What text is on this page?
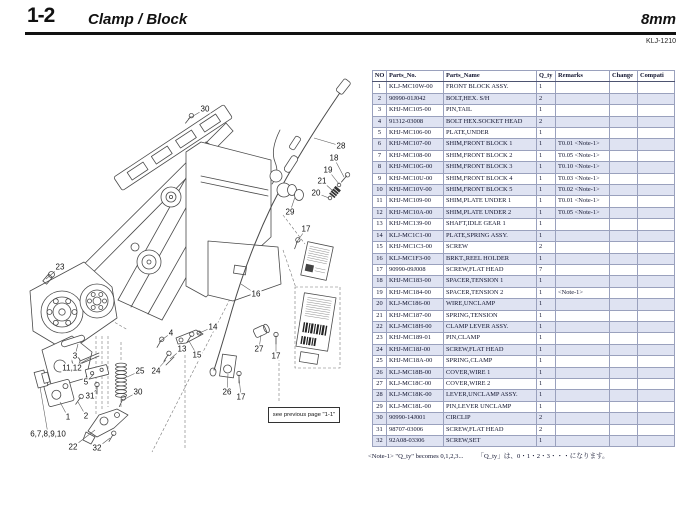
1-2 Clamp / Block	8mm
KLJ-1210
see previous page "1-1"
NO	Parts_No.	Parts_Name	Q_ty	Remarks	Change	Compati
1	KLJ-MC10W-00	FRONT BLOCK ASSY.	1			
2	90990-01J042	BOLT,HEX. S/H	2			
3	KHJ-MC105-00	PIN,TAIL	1			
4	91312-03008	BOLT HEX.SOCKET HEAD	2			
5	KHJ-MC106-00	PLATE,UNDER	1			
6	KHJ-MC107-00	SHIM,FRONT BLOCK 1	1	T0.01 <Note-1>		
7	KHJ-MC108-00	SHIM,FRONT BLOCK 2	1	T0.05 <Note-1>		
8	KHJ-MC10G-00	SHIM,FRONT BLOCK 3	1	T0.10 <Note-1>		
9	KHJ-MC10U-00	SHIM,FRONT BLOCK 4	1	T0.03 <Note-1>		
10	KHJ-MC10V-00	SHIM,FRONT BLOCK 5	1	T0.02 <Note-1>		
11	KHJ-MC109-00	SHIM,PLATE UNDER 1	1	T0.01 <Note-1>		
12	KHJ-MC10A-00	SHIM,PLATE UNDER 2	1	T0.05 <Note-1>		
13	KHJ-MC139-00	SHAFT,IDLE GEAR 1	1			
14	KLJ-MC1C1-00	PLATE,SPRING ASSY.	1			
15	KHJ-MC1C3-00	SCREW	2			
16	KLJ-MC1F3-00	BRKT.,REEL HOLDER	1			
17	90990-09J008	SCREW,FLAT HEAD	7			
18	KHJ-MC183-00	SPACER,TENSION 1	1			
19	KHJ-MC184-00	SPACER,TENSION 2	1	<Note-1>		
20	KLJ-MC186-00	WIRE,UNCLAMP	1			
21	KHJ-MC187-00	SPRING,TENSION	1			
22	KLJ-MC18H-00	CLAMP LEVER ASSY.	1			
23	KHJ-MC189-01	PIN,CLAMP	1			
24	KHJ-MC18J-00	SCREW,FLAT HEAD	1			
25	KHJ-MC18A-00	SPRING,CLAMP	1			
26	KLJ-MC18B-00	COVER,WIRE 1	1			
27	KLJ-MC18C-00	COVER,WIRE 2	1			
28	KLJ-MC18K-00	LEVER,UNCLAMP ASSY.	1			
29	KLJ-MC18L-00	PIN,LEVER UNCLAMP	1			
30	90990-14J001	CIRCLIP	2			
31	98707-03006	SCREW,FLAT HEAD	2			
32	92A08-03306	SCREW,SET	1			
<Note-1> "Q_ty" becomes 0,1,2,3... 「Q_ty」は、0・1・2・3・・・になります。
30
28
18
19
21
20
29
17
23
16
14
4
13
15
27
17
3
11,12	25 24
5
31	30	26
17
1 2
6,7,8,9,10
22 32
